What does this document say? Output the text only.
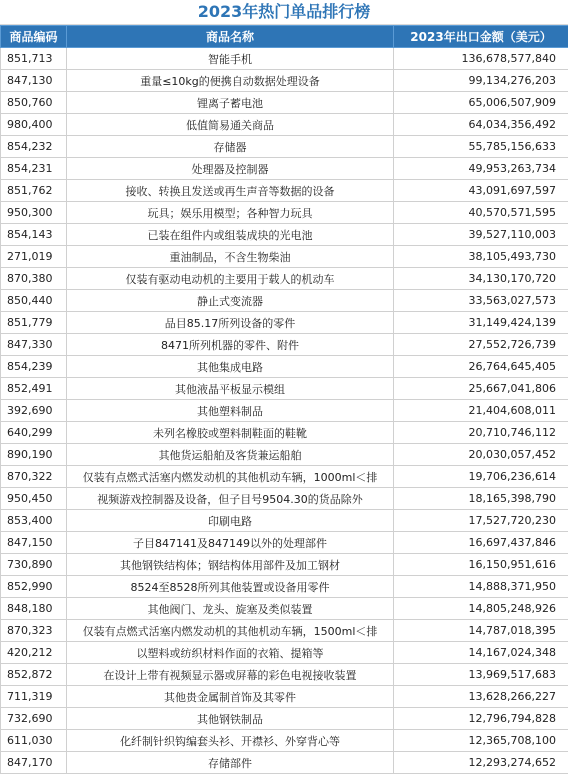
2023年热门单品排行榜
商品编码	商品名称	2023年出口金额（美元）
851,713	智能手机	136,678,577,840
847,130	重量≤10kg的便携自动数据处理设备	99,134,276,203
850,760	锂离子蓄电池	65,006,507,909
980,400	低值简易通关商品	64,034,356,492
854,232	存储器	55,785,156,633
854,231	处理器及控制器	49,953,263,734
851,762	接收、转换且发送或再生声音等数据的设备	43,091,697,597
950,300	玩具；娱乐用模型；各种智力玩具	40,570,571,595
854,143	已装在组件内或组装成块的光电池	39,527,110,003
271,019	重油制品，不含生物柴油	38,105,493,730
870,380	仅装有驱动电动机的主要用于载人的机动车	34,130,170,720
850,440	静止式变流器	33,563,027,573
851,779	品目85.17所列设备的零件	31,149,424,139
847,330	8471所列机器的零件、附件	27,552,726,739
854,239	其他集成电路	26,764,645,405
852,491	其他液晶平板显示模组	25,667,041,806
392,690	其他塑料制品	21,404,608,011
640,299	未列名橡胶或塑料制鞋面的鞋靴	20,710,746,112
890,190	其他货运船舶及客货兼运船舶	20,030,057,452
870,322	仅装有点燃式活塞内燃发动机的其他机动车辆，1000ml＜排	19,706,236,614
950,450	视频游戏控制器及设备，但子目号9504.30的货品除外	18,165,398,790
853,400	印刷电路	17,527,720,230
847,150	子目847141及847149以外的处理部件	16,697,437,846
730,890	其他钢铁结构体；钢结构体用部件及加工钢材	16,150,951,616
852,990	8524至8528所列其他装置或设备用零件	14,888,371,950
848,180	其他阀门、龙头、旋塞及类似装置	14,805,248,926
870,323	仅装有点燃式活塞内燃发动机的其他机动车辆，1500ml＜排	14,787,018,395
420,212	以塑料或纺织材料作面的衣箱、提箱等	14,167,024,348
852,872	在设计上带有视频显示器或屏幕的彩色电视接收装置	13,969,517,683
711,319	其他贵金属制首饰及其零件	13,628,266,227
732,690	其他钢铁制品	12,796,794,828
611,030	化纤制针织钩编套头衫、开襟衫、外穿背心等	12,365,708,100
847,170	存储部件	12,293,274,652
